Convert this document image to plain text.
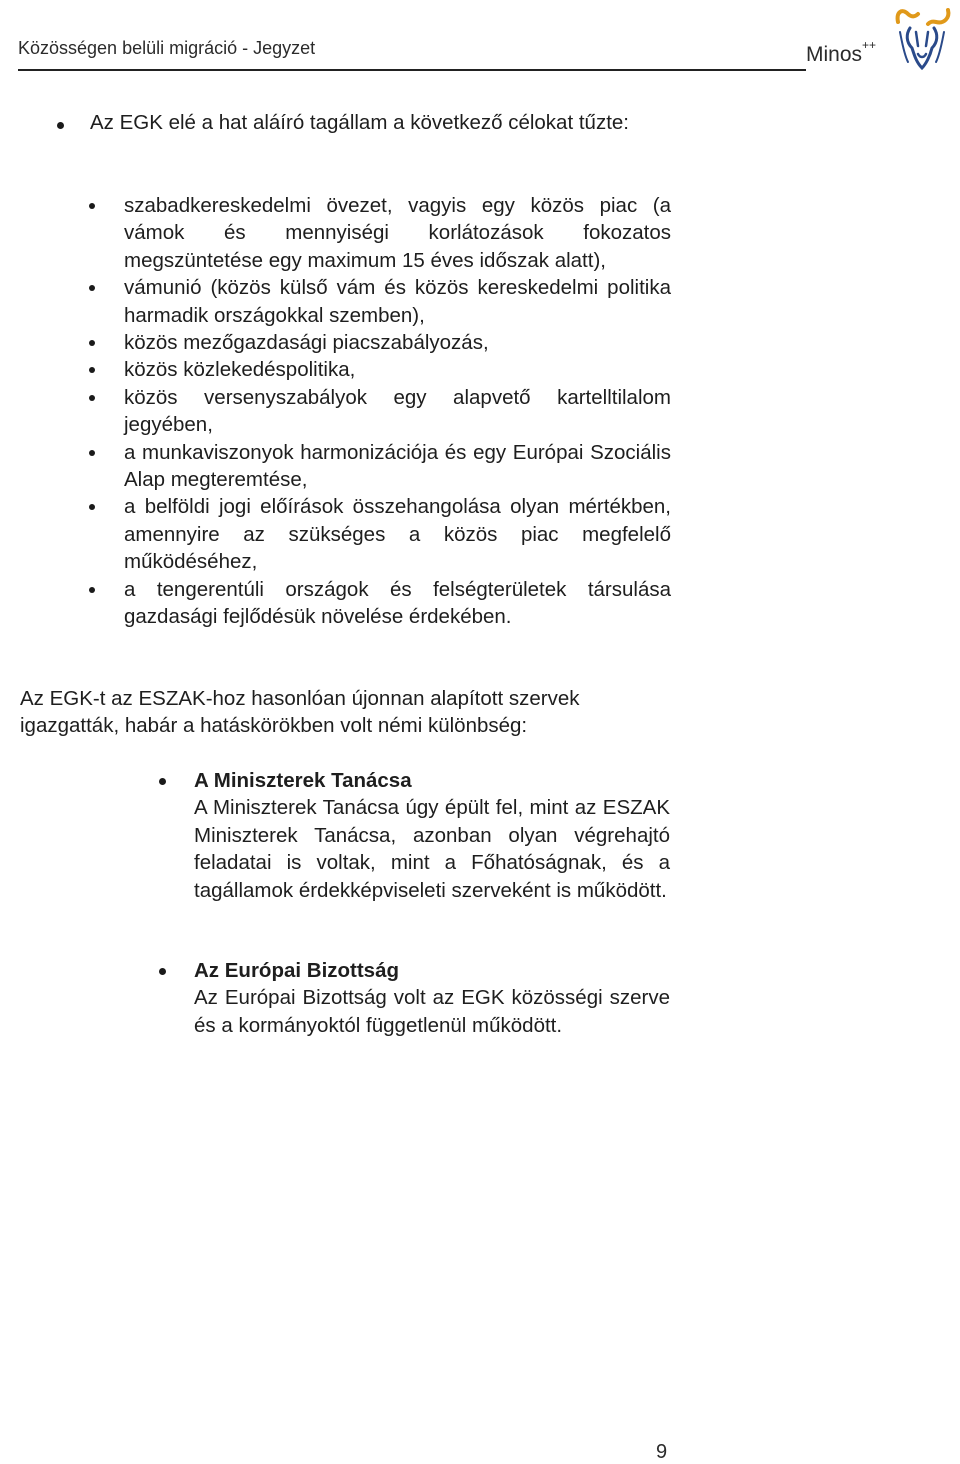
Közösségen belüli migráció - Jegyzet	Minos++
Az EGK elé a hat aláíró tagállam a következő célokat tűzte:
szabadkereskedelmi övezet, vagyis egy közös piac (a vámok és mennyiségi korlátozások fokozatos megszüntetése egy maximum 15 éves időszak alatt),
vámunió (közös külső vám és közös kereskedelmi politika harmadik országokkal szemben),
közös mezőgazdasági piacszabályozás,
közös közlekedéspolitika,
közös versenyszabályok egy alapvető kartelltilalom jegyében,
a munkaviszonyok harmonizációja és egy Európai Szociális Alap megteremtése,
a belföldi jogi előírások összehangolása olyan mértékben, amennyire az szükséges a közös piac megfelelő működéséhez,
a tengerentúli országok és felségterületek társulása gazdasági fejlődésük növelése érdekében.
Az EGK-t az ESZAK-hoz hasonlóan újonnan alapított szervek igazgatták, habár a hatáskörökben volt némi különbség:
A Miniszterek Tanácsa
A Miniszterek Tanácsa úgy épült fel, mint az ESZAK Miniszterek Tanácsa, azonban olyan végrehajtó feladatai is voltak, mint a Főhatóságnak, és a tagállamok érdekképviseleti szerveként is működött.
Az Európai Bizottság
Az Európai Bizottság volt az EGK közösségi szerve és a kormányoktól függetlenül működött.
9
